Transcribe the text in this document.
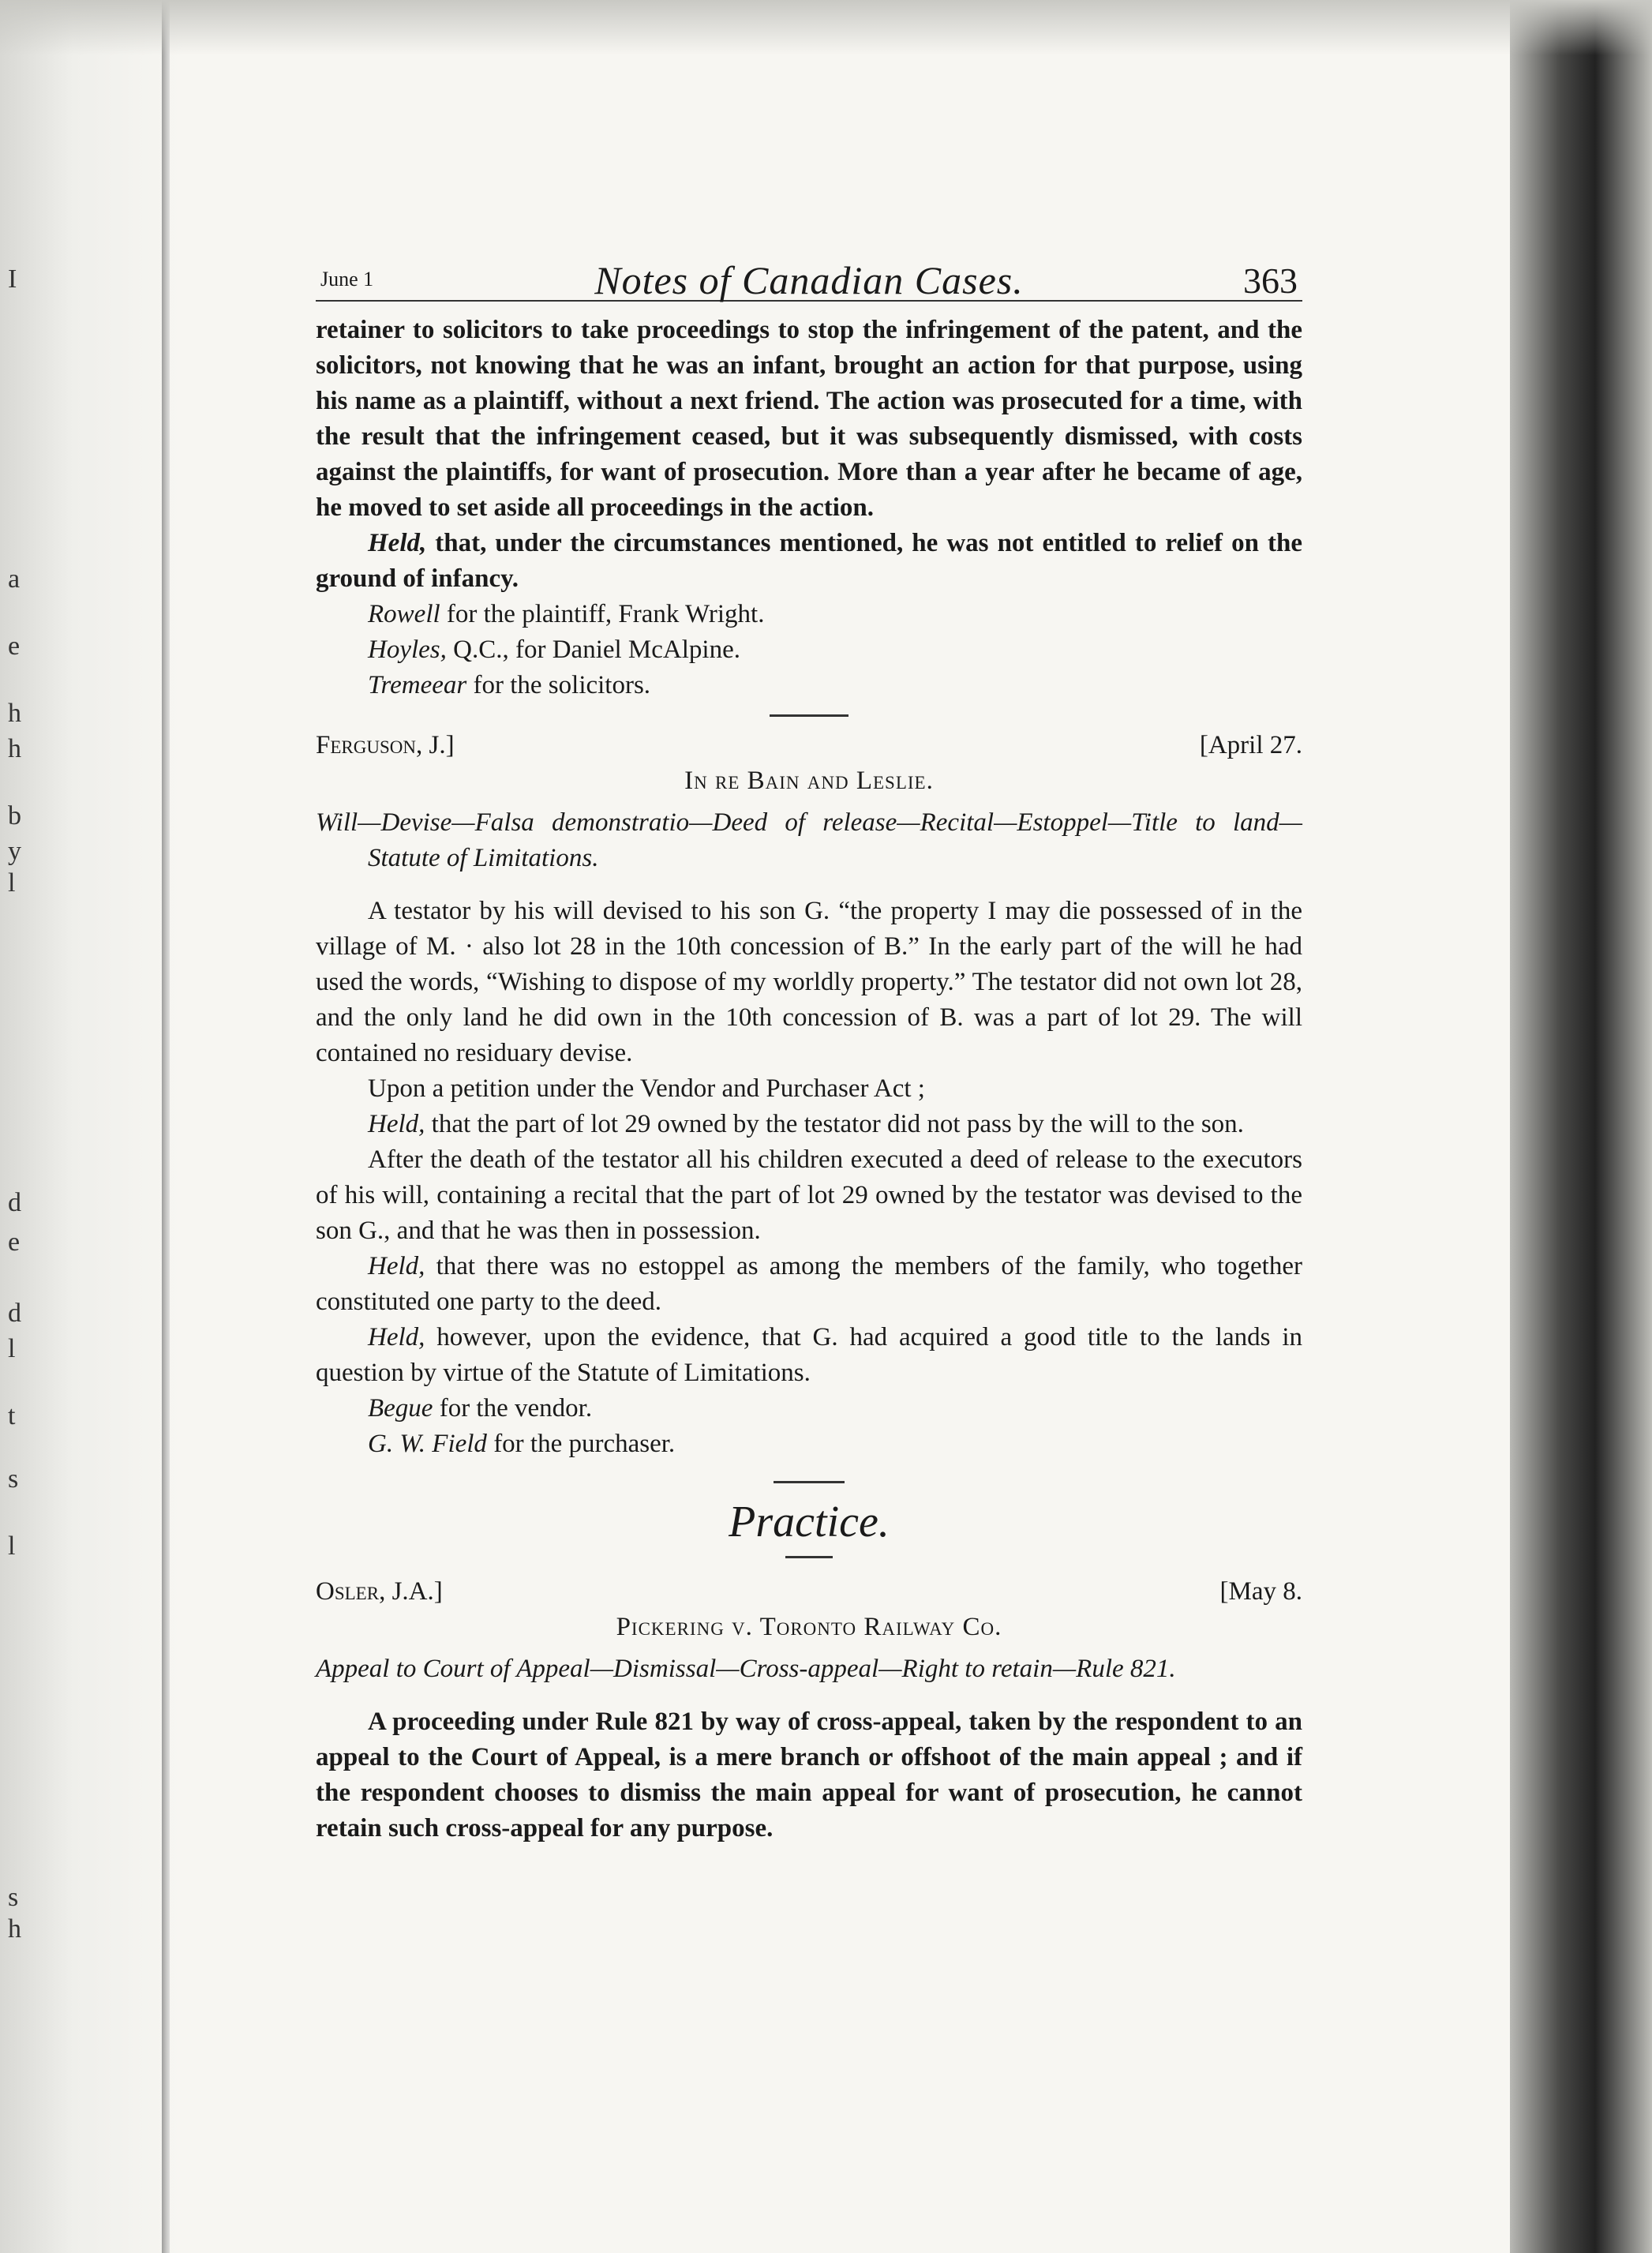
I
a
e
h
h
b
y
l
d
e
d
l
t
s
l
s
h
June 1	Notes of Canadian Cases.	363

retainer to solicitors to take proceedings to stop the infringement of the patent, and the solicitors, not knowing that he was an infant, brought an action for that purpose, using his name as a plaintiff, without a next friend. The action was prosecuted for a time, with the result that the infringement ceased, but it was subsequently dismissed, with costs against the plaintiffs, for want of prosecution. More than a year after he became of age, he moved to set aside all proceedings in the action.

Held, that, under the circumstances mentioned, he was not entitled to relief on the ground of infancy.

Rowell for the plaintiff, Frank Wright.

Hoyles, Q.C., for Daniel McAlpine.

Tremeear for the solicitors.

Ferguson, J.]	[April 27.
In re Bain and Leslie.

Will—Devise—Falsa demonstratio—Deed of release—Recital—Estoppel—Title to land—Statute of Limitations.

A testator by his will devised to his son G. “the property I may die possessed of in the village of M. · also lot 28 in the 10th concession of B.” In the early part of the will he had used the words, “Wishing to dispose of my worldly property.” The testator did not own lot 28, and the only land he did own in the 10th concession of B. was a part of lot 29. The will contained no residuary devise.

Upon a petition under the Vendor and Purchaser Act ;

Held, that the part of lot 29 owned by the testator did not pass by the will to the son.

After the death of the testator all his children executed a deed of release to the executors of his will, containing a recital that the part of lot 29 owned by the testator was devised to the son G., and that he was then in possession.

Held, that there was no estoppel as among the members of the family, who together constituted one party to the deed.

Held, however, upon the evidence, that G. had acquired a good title to the lands in question by virtue of the Statute of Limitations.

Begue for the vendor.

G. W. Field for the purchaser.

Practice.
Osler, J.A.]	[May 8.
Pickering v. Toronto Railway Co.

Appeal to Court of Appeal—Dismissal—Cross-appeal—Right to retain—Rule 821.

A proceeding under Rule 821 by way of cross-appeal, taken by the respondent to an appeal to the Court of Appeal, is a mere branch or offshoot of the main appeal ; and if the respondent chooses to dismiss the main appeal for want of prosecution, he cannot retain such cross-appeal for any purpose.
